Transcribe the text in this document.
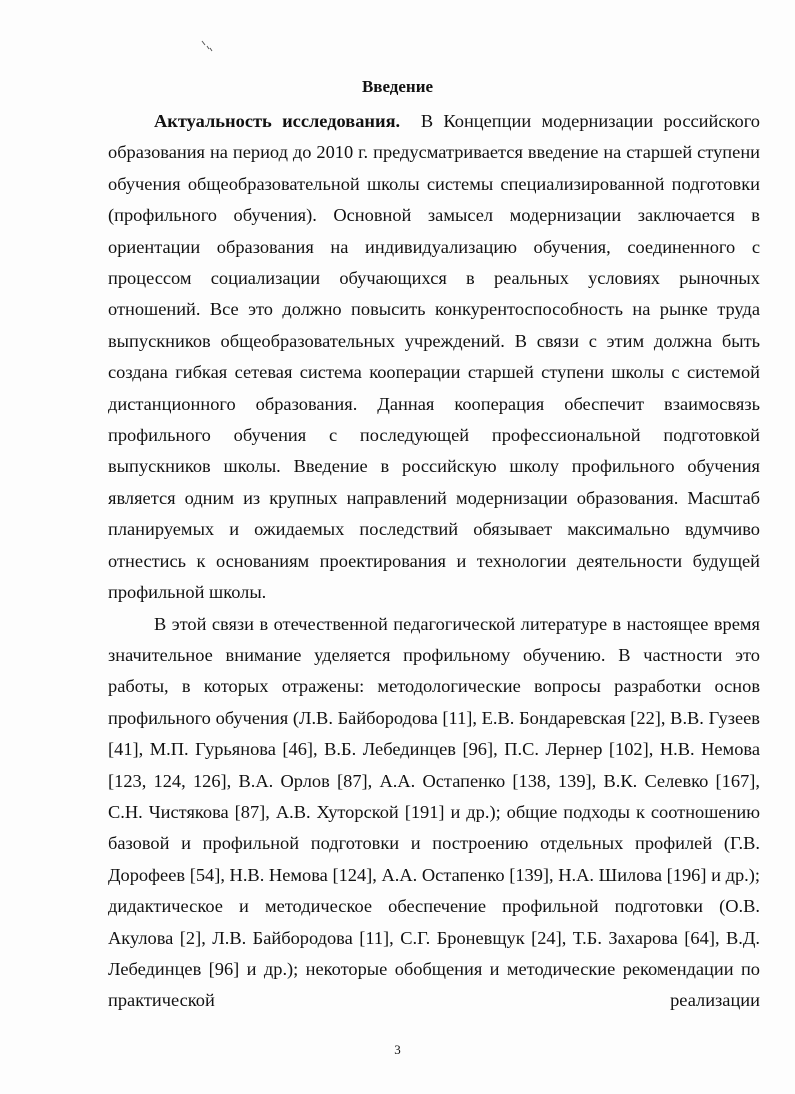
Введение

Актуальность исследования. В Концепции модернизации российского образования на период до 2010 г. предусматривается введение на старшей ступени обучения общеобразовательной школы системы специализированной подготовки (профильного обучения). Основной замысел модернизации заключается в ориентации образования на индивидуализацию обучения, соединенного с процессом социализации обучающихся в реальных условиях рыночных отношений. Все это должно повысить конкурентоспособность на рынке труда выпускников общеобразовательных учреждений. В связи с этим должна быть создана гибкая сетевая система кооперации старшей ступени школы с системой дистанционного образования. Данная кооперация обеспечит взаимосвязь профильного обучения с последующей профессиональной подготовкой выпускников школы. Введение в российскую школу профильного обучения является одним из крупных направлений модернизации образования. Масштаб планируемых и ожидаемых последствий обязывает максимально вдумчиво отнестись к основаниям проектирования и технологии деятельности будущей профильной школы.

В этой связи в отечественной педагогической литературе в настоящее время значительное внимание уделяется профильному обучению. В частности это работы, в которых отражены: методологические вопросы разработки основ профильного обучения (Л.В. Байбородова [11], Е.В. Бондаревская [22], В.В. Гузеев [41], М.П. Гурьянова [46], В.Б. Лебединцев [96], П.С. Лернер [102], Н.В. Немова [123, 124, 126], В.А. Орлов [87], А.А. Остапенко [138, 139], В.К. Селевко [167], С.Н. Чистякова [87], А.В. Хуторской [191] и др.); общие подходы к соотношению базовой и профильной подготовки и построению отдельных профилей (Г.В. Дорофеев [54], Н.В. Немова [124], А.А. Остапенко [139], Н.А. Шилова [196] и др.); дидактическое и методическое обеспечение профильной подготовки (О.В. Акулова [2], Л.В. Байбородова [11], С.Г. Броневщук [24], Т.Б. Захарова [64], В.Д. Лебединцев [96] и др.); некоторые обобщения и методические рекомендации по практической реализации

3
